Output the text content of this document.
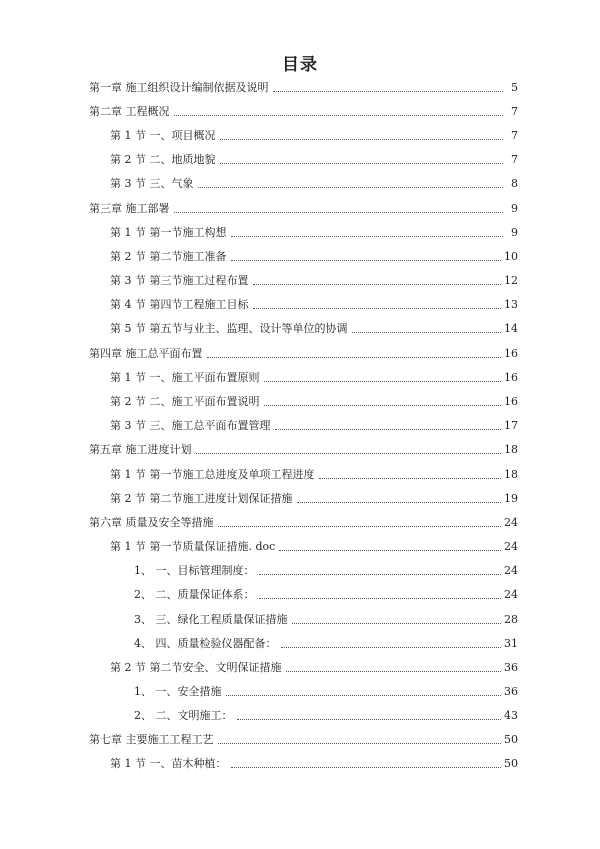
目录
第一章 施工组织设计编制依据及说明	5
第二章 工程概况	7
第 1 节 一、项目概况	7
第 2 节 二、地质地貌	7
第 3 节 三、气象	8
第三章 施工部署	9
第 1 节 第一节施工构想	9
第 2 节 第二节施工准备	10
第 3 节 第三节施工过程布置	12
第 4 节 第四节工程施工目标	13
第 5 节 第五节与业主、监理、设计等单位的协调	14
第四章 施工总平面布置	16
第 1 节 一、施工平面布置原则	16
第 2 节 二、施工平面布置说明	16
第 3 节 三、施工总平面布置管理	17
第五章 施工进度计划	18
第 1 节 第一节施工总进度及单项工程进度	18
第 2 节 第二节施工进度计划保证措施	19
第六章 质量及安全等措施	24
第 1 节 第一节质量保证措施. doc	24
1、 一、目标管理制度：	24
2、 二、质量保证体系：	24
3、 三、绿化工程质量保证措施	28
4、 四、质量检验仪器配备：	31
第 2 节 第二节安全、文明保证措施	36
1、 一、安全措施	36
2、 二、文明施工：	43
第七章 主要施工工程工艺	50
第 1 节 一、苗木种植：	50
